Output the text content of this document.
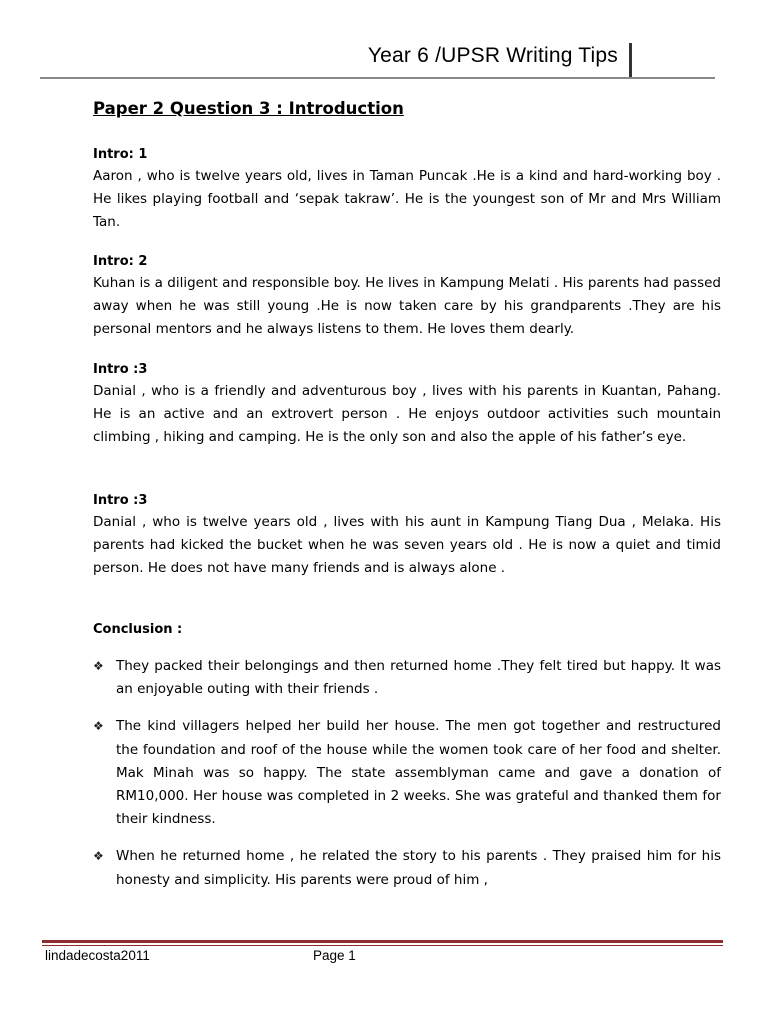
Year 6 /UPSR Writing Tips
Paper 2 Question 3 : Introduction
Intro: 1

Aaron , who is twelve years old, lives in Taman Puncak .He is a kind and hard-working boy . He likes playing football and ‘sepak takraw’. He is the youngest son of Mr and Mrs William Tan.

Intro: 2

Kuhan is a diligent and responsible boy. He lives in Kampung Melati . His parents had passed away when he was still young .He is now taken care by his grandparents .They are his personal mentors and he always listens to them. He loves them dearly.

Intro :3

Danial , who is a friendly and adventurous boy , lives with his parents in Kuantan, Pahang. He is an active and an extrovert person . He enjoys outdoor activities such mountain climbing , hiking and camping. He is the only son and also the apple of his father’s eye.

Intro :3

Danial , who is twelve years old , lives with his aunt in Kampung Tiang Dua , Melaka. His parents had kicked the bucket when he was seven years old . He is now a quiet and timid person. He does not have many friends and is always alone .

Conclusion :
❖ They packed their belongings and then returned home .They felt tired but happy. It was an enjoyable outing with their friends .

❖ The kind villagers helped her build her house. The men got together and restructured the foundation and roof of the house while the women took care of her food and shelter. Mak Minah was so happy. The state assemblyman came and gave a donation of RM10,000. Her house was completed in 2 weeks. She was grateful and thanked them for their kindness.

❖ When he returned home , he related the story to his parents . They praised him for his honesty and simplicity. His parents were proud of him ,

lindadecosta2011	Page 1
